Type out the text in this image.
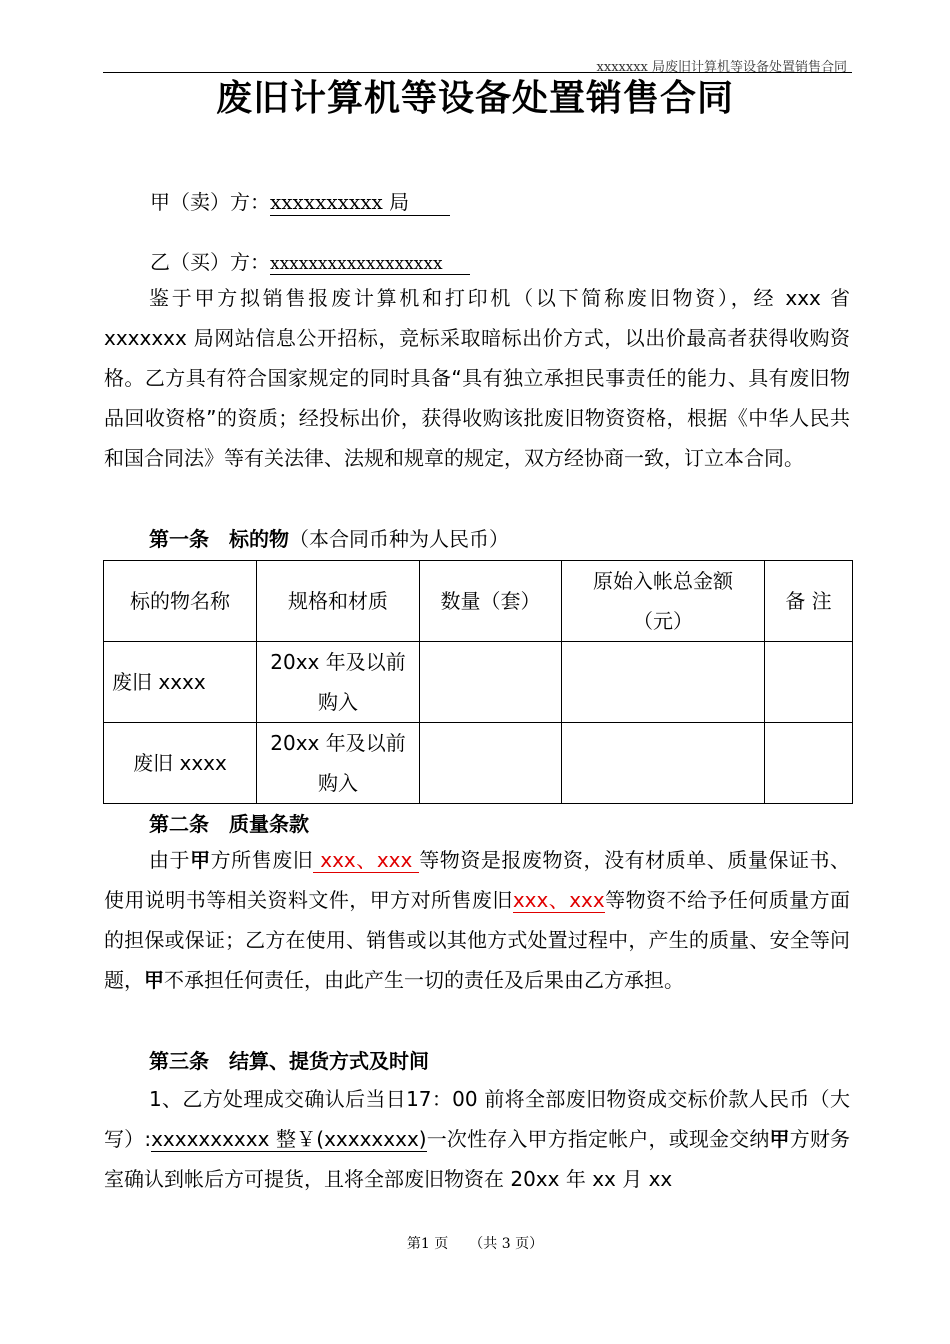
xxxxxxx 局废旧计算机等设备处置销售合同
废旧计算机等设备处置销售合同
甲（卖）方：xxxxxxxxxx 局
乙（买）方：xxxxxxxxxxxxxxxxxx
鉴于甲方拟销售报废计算机和打印机（以下简称废旧物资），经 xxx 省 xxxxxxx 局网站信息公开招标，竞标采取暗标出价方式，以出价最高者获得收购资格。乙方具有符合国家规定的同时具备“具有独立承担民事责任的能力、具有废旧物品回收资格”的资质；经投标出价，获得收购该批废旧物资资格，根据《中华人民共和国合同法》等有关法律、法规和规章的规定，双方经协商一致，订立本合同。
第一条　标的物（本合同币种为人民币）
标的物名称	规格和材质	数量（套）	原始入帐总金额（元）	备 注
废旧 xxxx	20xx 年及以前购入			
废旧 xxxx	20xx 年及以前购入			
第二条　质量条款
由于甲方所售废旧 xxx、xxx 等物资是报废物资，没有材质单、质量保证书、使用说明书等相关资料文件，甲方对所售废旧xxx、xxx等物资不给予任何质量方面的担保或保证；乙方在使用、销售或以其他方式处置过程中，产生的质量、安全等问题，甲不承担任何责任，由此产生一切的责任及后果由乙方承担。
第三条　结算、提货方式及时间
1、乙方处理成交确认后当日17：00 前将全部废旧物资成交标价款人民币（大写）:xxxxxxxxxx 整￥(xxxxxxxx)一次性存入甲方指定帐户，或现金交纳甲方财务室确认到帐后方可提货，且将全部废旧物资在 20xx 年 xx 月 xx
第1 页　　（共 3 页）
